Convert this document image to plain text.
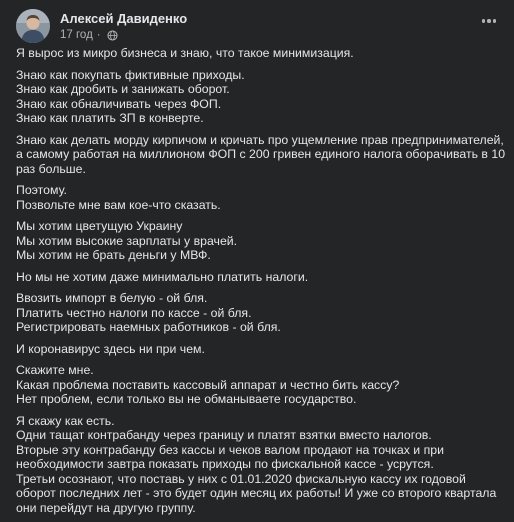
Алексей Давиденко
17 год ·

Я вырос из микро бизнеса и знаю, что такое минимизация.

Знаю как покупать фиктивные приходы.
Знаю как дробить и занижать оборот.
Знаю как обналичивать через ФОП.
Знаю как платить ЗП в конверте.

Знаю как делать морду кирпичом и кричать про ущемление прав предпринимателей, а самому работая на миллионом ФОП с 200 гривен единого налога оборачивать в 10 раз больше.

Поэтому.
Позвольте мне вам кое-что сказать.

Мы хотим цветущую Украину
Мы хотим высокие зарплаты у врачей.
Мы хотим не брать деньги у МВФ.

Но мы не хотим даже минимально платить налоги.

Ввозить импорт в белую - ой бля.
Платить честно налоги по кассе - ой бля.
Регистрировать наемных работников - ой бля.

И коронавирус здесь ни при чем.

Скажите мне.
Какая проблема поставить кассовый аппарат и честно бить кассу?
Нет проблем, если только вы не обманываете государство.

Я скажу как есть.
Одни тащат контрабанду через границу и платят взятки вместо налогов.
Вторые эту контрабанду без кассы и чеков валом продают на точках и при необходимости завтра показать приходы по фискальной кассе - усрутся.
Третьи осознают, что поставь у них с 01.01.2020 фискальную кассу их годовой оборот последних лет - это будет один месяц их работы! И уже со второго квартала они перейдут на другую группу.
